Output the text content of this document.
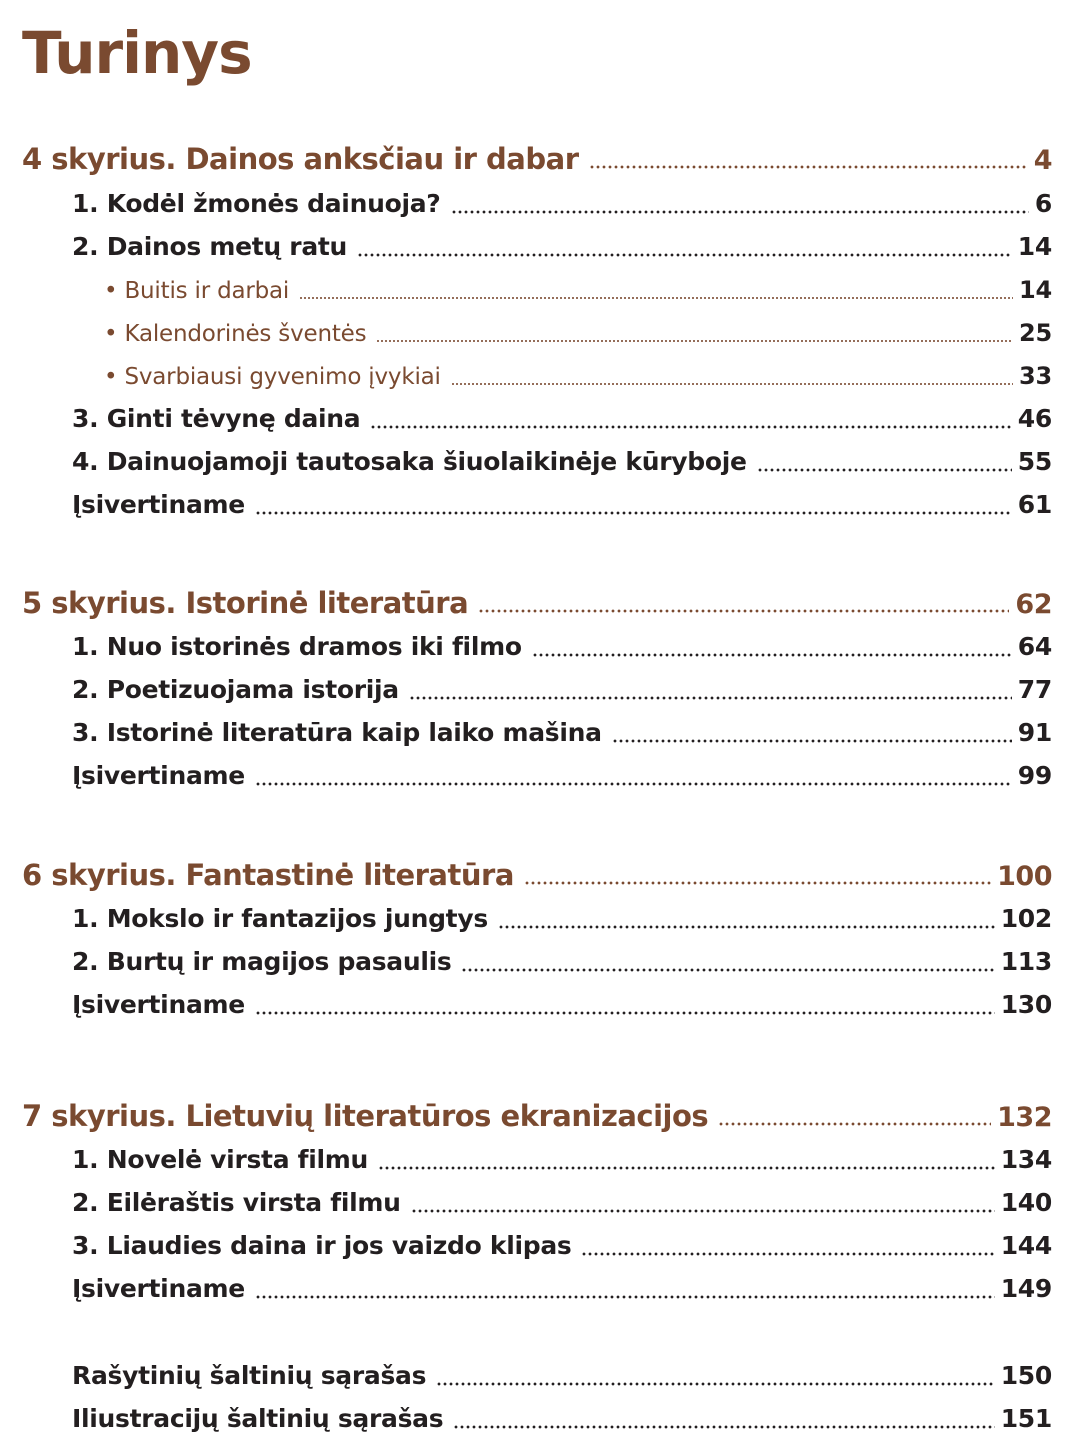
Turinys
4 skyrius. Dainos anksčiau ir dabar	4
1. Kodėl žmonės dainuoja?	6
2. Dainos metų ratu	14
• Buitis ir darbai	14
• Kalendorinės šventės	25
• Svarbiausi gyvenimo įvykiai	33
3. Ginti tėvynę daina	46
4. Dainuojamoji tautosaka šiuolaikinėje kūryboje	55
Įsivertiname	61
5 skyrius. Istorinė literatūra	62
1. Nuo istorinės dramos iki filmo	64
2. Poetizuojama istorija	77
3. Istorinė literatūra kaip laiko mašina	91
Įsivertiname	99
6 skyrius. Fantastinė literatūra	100
1. Mokslo ir fantazijos jungtys	102
2. Burtų ir magijos pasaulis	113
Įsivertiname	130
7 skyrius. Lietuvių literatūros ekranizacijos	132
1. Novelė virsta filmu	134
2. Eilėraštis virsta filmu	140
3. Liaudies daina ir jos vaizdo klipas	144
Įsivertiname	149
Rašytinių šaltinių sąrašas	150
Iliustracijų šaltinių sąrašas	151
